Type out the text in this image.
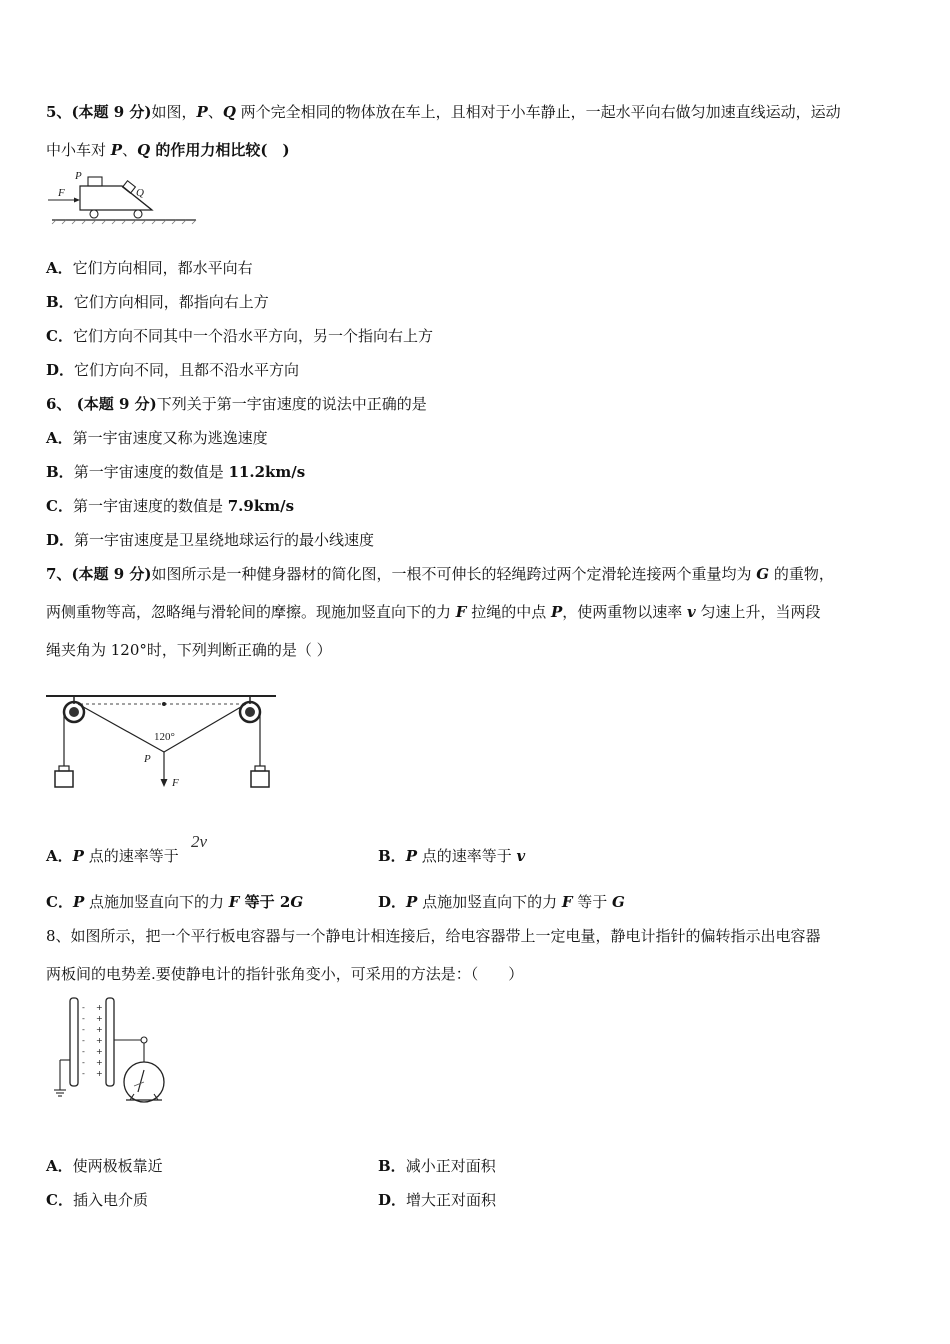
5、(本题 9 分)如图，P、Q 两个完全相同的物体放在车上，且相对于小车静止，一起水平向右做匀加速直线运动，运动
中小车对 P、Q 的作用力相比较(　)
P
Q
F
A．它们方向相同，都水平向右
B．它们方向相同，都指向右上方
C．它们方向不同其中一个沿水平方向，另一个指向右上方
D．它们方向不同，且都不沿水平方向
6、 (本题 9 分)下列关于第一宇宙速度的说法中正确的是
A．第一宇宙速度又称为逃逸速度
B．第一宇宙速度的数值是 11.2km/s
C．第一宇宙速度的数值是 7.9km/s
D．第一宇宙速度是卫星绕地球运行的最小线速度
7、(本题 9 分)如图所示是一种健身器材的简化图，一根不可伸长的轻绳跨过两个定滑轮连接两个重量均为 G 的重物，
两侧重物等高，忽略绳与滑轮间的摩擦。现施加竖直向下的力 F 拉绳的中点 P，使两重物以速率 v 匀速上升，当两段
绳夹角为 120°时，下列判断正确的是（ ）
120°
P
F
A．P 点的速率等于
2v
B．P 点的速率等于 v
C．P 点施加竖直向下的力 F 等于 2G	D．P 点施加竖直向下的力 F 等于 G
8、如图所示，把一个平行板电容器与一个静电计相连接后，给电容器带上一定电量，静电计指针的偏转指示出电容器
两板间的电势差.要使静电计的指针张角变小，可采用的方法是：（　　）
-
-
-
-
-
-
-
+
+
+
+
+
+
+
A．使两极板靠近	B．减小正对面积
C．插入电介质	D．增大正对面积
